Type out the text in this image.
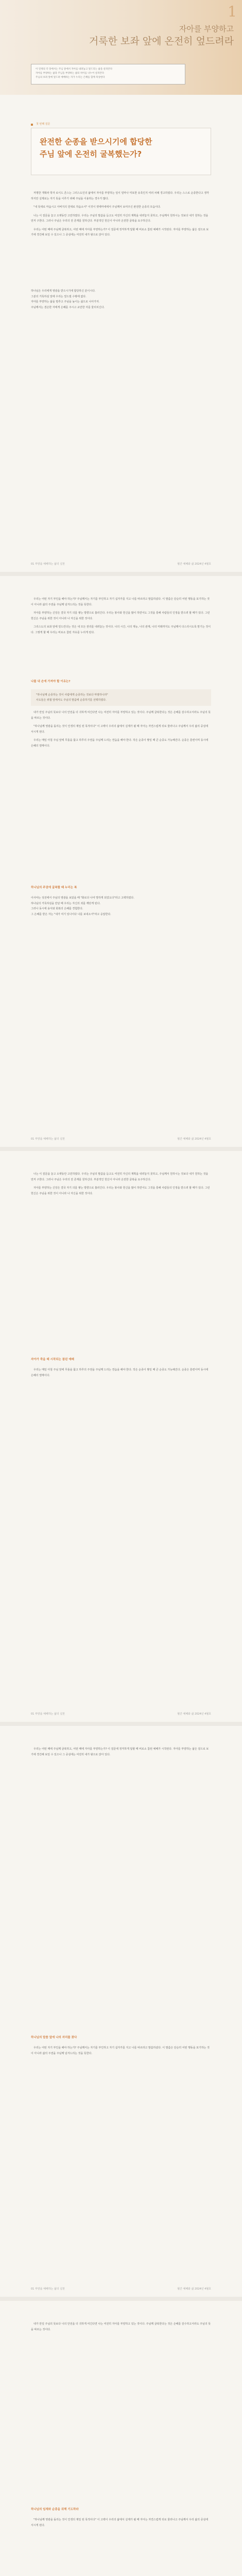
1
자아를 부양하고
거룩한 보좌 앞에 온전히 엎드려라
이 연재의 각 장에서는 주님 앞에서 자아를 내려놓고 엎드리는 삶을 살펴본다
자아를 부양하는 삶과 주님을 부양하는 삶의 차이를 나누어 살펴본다
주님의 보좌 앞에 엎드려 예배하는 자가 누리는 은혜를 함께 묵상한다
첫 번째 질문
완전한 순종을 받으시기에 합당한
주님 앞에 온전히 굴복했는가?

저명한 개혁파 학자 로이드 존스는 그리스도인의 삶에서 자아를 부양하는 일이 얼마나 미묘한 유혹인지 여러 차례 경고하였다. 우리는 스스로 순종한다고 생각하지만 실제로는 자기 뜻을 이루기 위해 주님을 이용하는 경우가 많다.

"내 뜻대로 마옵시고 아버지의 원대로 하옵소서" 이것이 겟세마네에서 주님께서 보여주신 완전한 순종의 모습이다.

나는 이 질문을 놓고 오랫동안 고민하였다. 우리는 주님의 말씀을 듣고도 여전히 자신의 계획을 내려놓지 못하고, 주님께서 원하시는 것보다 내가 원하는 것을 먼저 구한다. 그러나 주님은 우리의 전 존재를 원하신다. 부분적인 헌신이 아니라 온전한 굴복을 요구하신다.

우리는 어떤 때에 주님께 굴복하고, 어떤 때에 자아를 부양하는가? 이 질문에 정직하게 답할 때 비로소 참된 예배가 시작된다. 자아를 부양하는 삶은 겉으로 보기에 경건해 보일 수 있으나 그 중심에는 여전히 내가 왕으로 앉아 있다.

하나님은 우리에게 영광을 받으시기에 합당하신 분이시다.
그분의 거룩하심 앞에 우리는 엎드릴 수밖에 없다.
자아를 부양하는 삶을 멈추고 주님을 높이는 삶으로 나아가자.
주님께서는 겸손한 자에게 은혜를 주시고 교만한 자를 물리치신다.
01 부양을 예배하는 삶의 실천	월간 예배와 삶 2024년 4월호

우리는 어떤 자기 부인을 해야 하는가? 주님께서는 자기를 부인하고 자기 십자가를 지고 나를 따르라고 말씀하셨다. 이 말씀은 단순히 어떤 행동을 포기하는 것이 아니라 삶의 주권을 주님께 넘겨드리는 것을 뜻한다.

자아를 부양하는 신앙은 결국 자기 의를 쌓는 방향으로 흘러간다. 우리는 봉사와 헌신을 많이 하면서도 그것을 통해 사람들의 인정을 받으려 할 때가 있다. 그런 헌신은 주님을 위한 것이 아니라 나 자신을 위한 것이다.

그리스도의 보좌 앞에 엎드린다는 것은 내 모든 권리를 내려놓는 것이다. 나의 시간, 나의 재능, 나의 관계, 나의 미래까지도 주님께서 다스리시도록 맡기는 것이다. 그렇게 할 때 우리는 비로소 참된 자유를 누리게 된다.

나를 내 손에 가져야 할 이유는?
"하나님께 순종하는 것이 사람에게 순종하는 것보다 마땅하니라"
사도들은 위협 앞에서도 주님의 말씀에 순종하기를 선택하였다.

내가 만일 주님의 뜻보다 나의 안전을 더 귀하게 여긴다면 나는 여전히 자아를 부양하고 있는 것이다. 주님께 굴복한다는 것은 손해를 감수하고서라도 주님의 뜻을 따르는 것이다.

"하나님께 영광을 돌리는 것이 인생의 제일 된 목적이다" 이 고백이 우리의 삶에서 실제가 될 때 자아는 자연스럽게 뒤로 물러나고 주님께서 우리 삶의 중심에 서시게 된다.

우리는 매일 아침 주님 앞에 무릎을 꿇고 하루의 주권을 주님께 드리는 연습을 해야 한다. 작은 순종이 쌓일 때 큰 순종도 가능해진다. 순종은 훈련이며 동시에 은혜의 열매이다.

하나님의 주권에 굴복할 때 누리는 복
이사야는 성전에서 주님의 영광을 보았을 때 "화로다 나여 망하게 되었도다"라고 고백하였다.
하나님의 거룩하심을 만날 때 우리는 자신의 죄를 깨닫게 된다.
그러나 동시에 용서와 회복의 은혜를 경험한다.
그 은혜를 받은 자는 "내가 여기 있나이다 나를 보내소서"라고 응답한다.
01 부양을 예배하는 삶의 실천	월간 예배와 삶 2024년 4월호

나는 이 질문을 놓고 오랫동안 고민하였다. 우리는 주님의 말씀을 듣고도 여전히 자신의 계획을 내려놓지 못하고, 주님께서 원하시는 것보다 내가 원하는 것을 먼저 구한다. 그러나 주님은 우리의 전 존재를 원하신다. 부분적인 헌신이 아니라 온전한 굴복을 요구하신다.

자아를 부양하는 신앙은 결국 자기 의를 쌓는 방향으로 흘러간다. 우리는 봉사와 헌신을 많이 하면서도 그것을 통해 사람들의 인정을 받으려 할 때가 있다. 그런 헌신은 주님을 위한 것이 아니라 나 자신을 위한 것이다.

자아가 죽을 때 시작되는 참된 예배

우리는 매일 아침 주님 앞에 무릎을 꿇고 하루의 주권을 주님께 드리는 연습을 해야 한다. 작은 순종이 쌓일 때 큰 순종도 가능해진다. 순종은 훈련이며 동시에 은혜의 열매이다.

01 부양을 예배하는 삶의 실천	월간 예배와 삶 2024년 4월호

우리는 어떤 때에 주님께 굴복하고, 어떤 때에 자아를 부양하는가? 이 질문에 정직하게 답할 때 비로소 참된 예배가 시작된다. 자아를 부양하는 삶은 겉으로 보기에 경건해 보일 수 있으나 그 중심에는 여전히 내가 왕으로 앉아 있다.

하나님의 말씀 앞에 나의 자리를 찾다

우리는 어떤 자기 부인을 해야 하는가? 주님께서는 자기를 부인하고 자기 십자가를 지고 나를 따르라고 말씀하셨다. 이 말씀은 단순히 어떤 행동을 포기하는 것이 아니라 삶의 주권을 주님께 넘겨드리는 것을 뜻한다.

01 부양을 예배하는 삶의 실천	월간 예배와 삶 2024년 4월호

내가 만일 주님의 뜻보다 나의 안전을 더 귀하게 여긴다면 나는 여전히 자아를 부양하고 있는 것이다. 주님께 굴복한다는 것은 손해를 감수하고서라도 주님의 뜻을 따르는 것이다.

하나님의 임재와 순종을 위해 기도하라

"하나님께 영광을 돌리는 것이 인생의 제일 된 목적이다" 이 고백이 우리의 삶에서 실제가 될 때 자아는 자연스럽게 뒤로 물러나고 주님께서 우리 삶의 중심에 서시게 된다.
